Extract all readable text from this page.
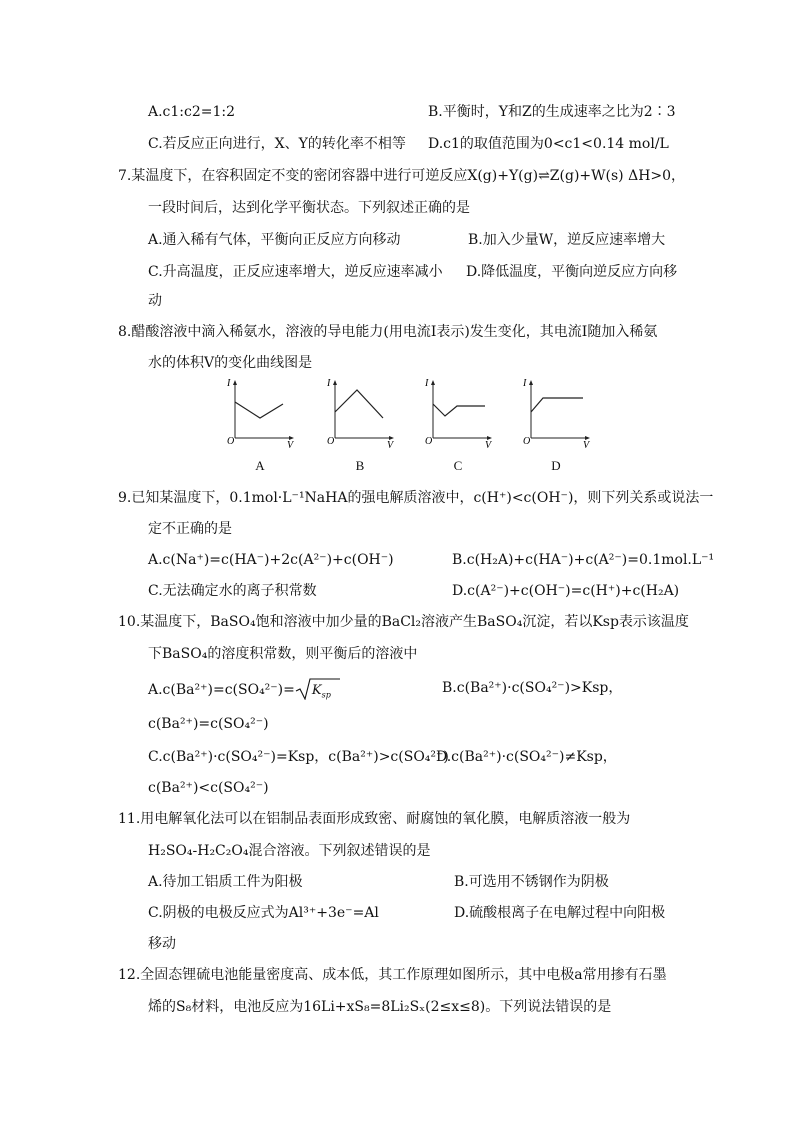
A.c1:c2=1:2	B.平衡时，Y和Z的生成速率之比为2∶3
C.若反应正向进行，X、Y的转化率不相等 D.c1的取值范围为0<c1<0.14 mol/L
7.某温度下，在容积固定不变的密闭容器中进行可逆反应X(g)+Y(g)⇌Z(g)+W(s) ΔH>0，
一段时间后，达到化学平衡状态。下列叙述正确的是
A.通入稀有气体，平衡向正反应方向移动	B.加入少量W，逆反应速率增大
C.升高温度，正反应速率增大，逆反应速率减小 D.降低温度，平衡向逆反应方向移
动
8.醋酸溶液中滴入稀氨水，溶液的导电能力(用电流I表示)发生变化，其电流I随加入稀氨
水的体积V的变化曲线图是
I
V
O
A
I
V
O
B
I
V
O
C
I
V
O
D
9.已知某温度下，0.1mol·L⁻¹NaHA的强电解质溶液中，c(H⁺)<c(OH⁻)，则下列关系或说法一
定不正确的是
A.c(Na⁺)=c(HA⁻)+2c(A²⁻)+c(OH⁻)	B.c(H₂A)+c(HA⁻)+c(A²⁻)=0.1mol.L⁻¹
C.无法确定水的离子积常数	D.c(A²⁻)+c(OH⁻)=c(H⁺)+c(H₂A)
10.某温度下，BaSO₄饱和溶液中加少量的BaCl₂溶液产生BaSO₄沉淀，若以Ksp表示该温度
下BaSO₄的溶度积常数，则平衡后的溶液中
$A.c(Ba^{2+})=c(SO_4^{2-})= K_{sp}$	B.c(Ba²⁺)·c(SO₄²⁻)>Ksp，
c(Ba²⁺)=c(SO₄²⁻)
C.c(Ba²⁺)·c(SO₄²⁻)=Ksp，c(Ba²⁺)>c(SO₄²⁻)
D.c(Ba²⁺)·c(SO₄²⁻)≠Ksp，
c(Ba²⁺)<c(SO₄²⁻)
11.用电解氧化法可以在铝制品表面形成致密、耐腐蚀的氧化膜，电解质溶液一般为
H₂SO₄-H₂C₂O₄混合溶液。下列叙述错误的是
A.待加工铝质工件为阳极	B.可选用不锈钢作为阴极
C.阴极的电极反应式为Al³⁺+3e⁻=Al	D.硫酸根离子在电解过程中向阳极
移动
12.全固态锂硫电池能量密度高、成本低，其工作原理如图所示，其中电极a常用掺有石墨
烯的S₈材料，电池反应为16Li+xS₈=8Li₂Sₓ(2≤x≤8)。下列说法错误的是
